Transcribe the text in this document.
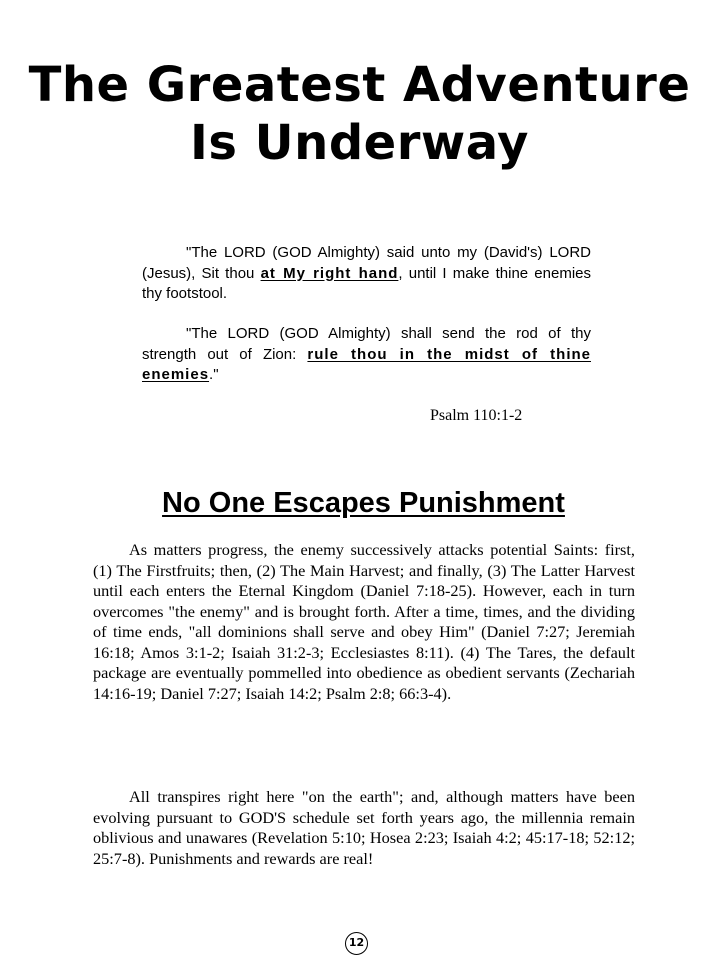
The Greatest Adventure
Is Underway

"The LORD (GOD Almighty) said unto my (David's) LORD (Jesus), Sit thou at My right hand, until I make thine enemies thy footstool.

"The LORD (GOD Almighty) shall send the rod of thy strength out of Zion: rule thou in the midst of thine enemies."

Psalm 110:1-2

No One Escapes Punishment

As matters progress, the enemy successively attacks potential Saints: first, (1) The Firstfruits; then, (2) The Main Harvest; and finally, (3) The Latter Harvest until each enters the Eternal Kingdom (Daniel 7:18-25). However, each in turn overcomes "the enemy" and is brought forth. After a time, times, and the dividing of time ends, "all dominions shall serve and obey Him" (Daniel 7:27; Jeremiah 16:18; Amos 3:1-2; Isaiah 31:2-3; Ecclesiastes 8:11). (4) The Tares, the default package are eventually pommelled into obedience as obedient servants (Zechariah 14:16-19; Daniel 7:27; Isaiah 14:2; Psalm 2:8; 66:3-4).

All transpires right here "on the earth"; and, although matters have been evolving pursuant to GOD'S schedule set forth years ago, the millennia remain oblivious and unawares (Revelation 5:10; Hosea 2:23; Isaiah 4:2; 45:17-18; 52:12; 25:7-8). Punishments and rewards are real!

12
